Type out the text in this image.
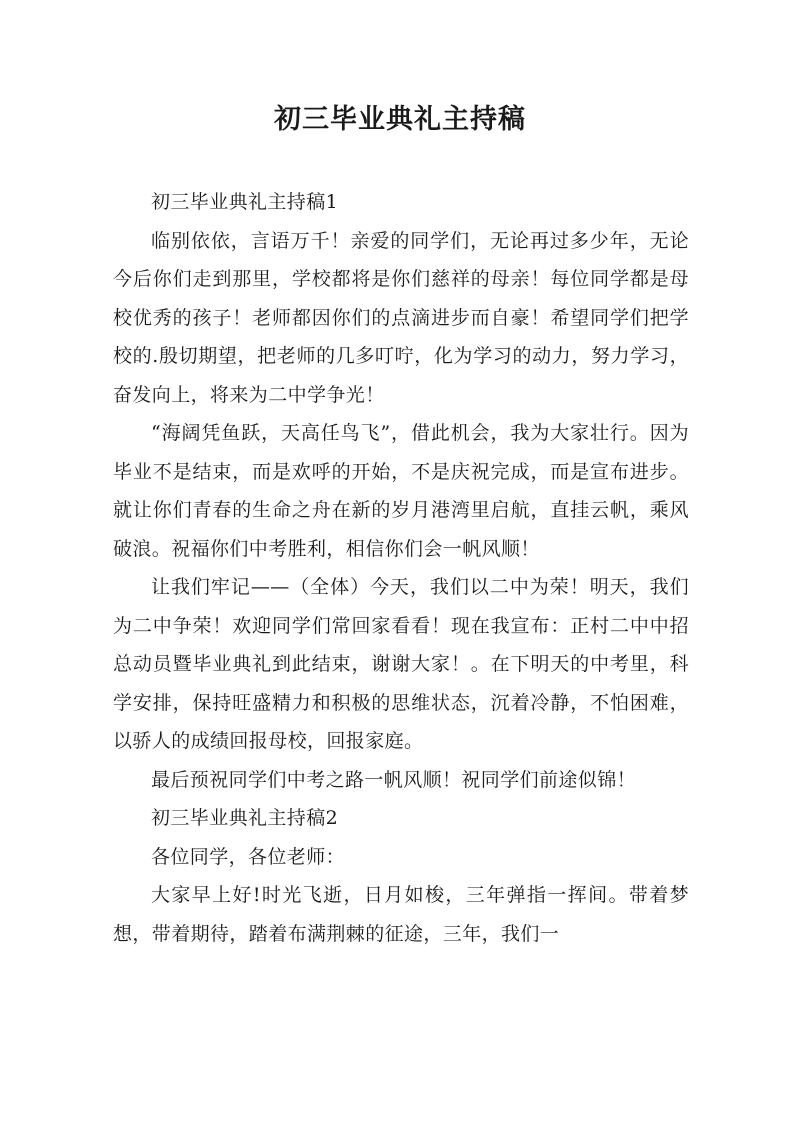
初三毕业典礼主持稿

初三毕业典礼主持稿1

临别依依，言语万千！亲爱的同学们，无论再过多少年，无论今后你们走到那里，学校都将是你们慈祥的母亲！每位同学都是母校优秀的孩子！老师都因你们的点滴进步而自豪！希望同学们把学校的.殷切期望，把老师的几多叮咛，化为学习的动力，努力学习，奋发向上，将来为二中学争光！

“海阔凭鱼跃，天高任鸟飞”，借此机会，我为大家壮行。因为毕业不是结束，而是欢呼的开始，不是庆祝完成，而是宣布进步。就让你们青春的生命之舟在新的岁月港湾里启航，直挂云帆，乘风破浪。祝福你们中考胜利，相信你们会一帆风顺！

让我们牢记——（全体）今天，我们以二中为荣！明天，我们为二中争荣！欢迎同学们常回家看看！现在我宣布：正村二中中招总动员暨毕业典礼到此结束，谢谢大家！。在下明天的中考里，科学安排，保持旺盛精力和积极的思维状态，沉着冷静，不怕困难，以骄人的成绩回报母校，回报家庭。

最后预祝同学们中考之路一帆风顺！祝同学们前途似锦！

初三毕业典礼主持稿2

各位同学，各位老师：

大家早上好!时光飞逝，日月如梭，三年弹指一挥间。带着梦想，带着期待，踏着布满荆棘的征途，三年，我们一
